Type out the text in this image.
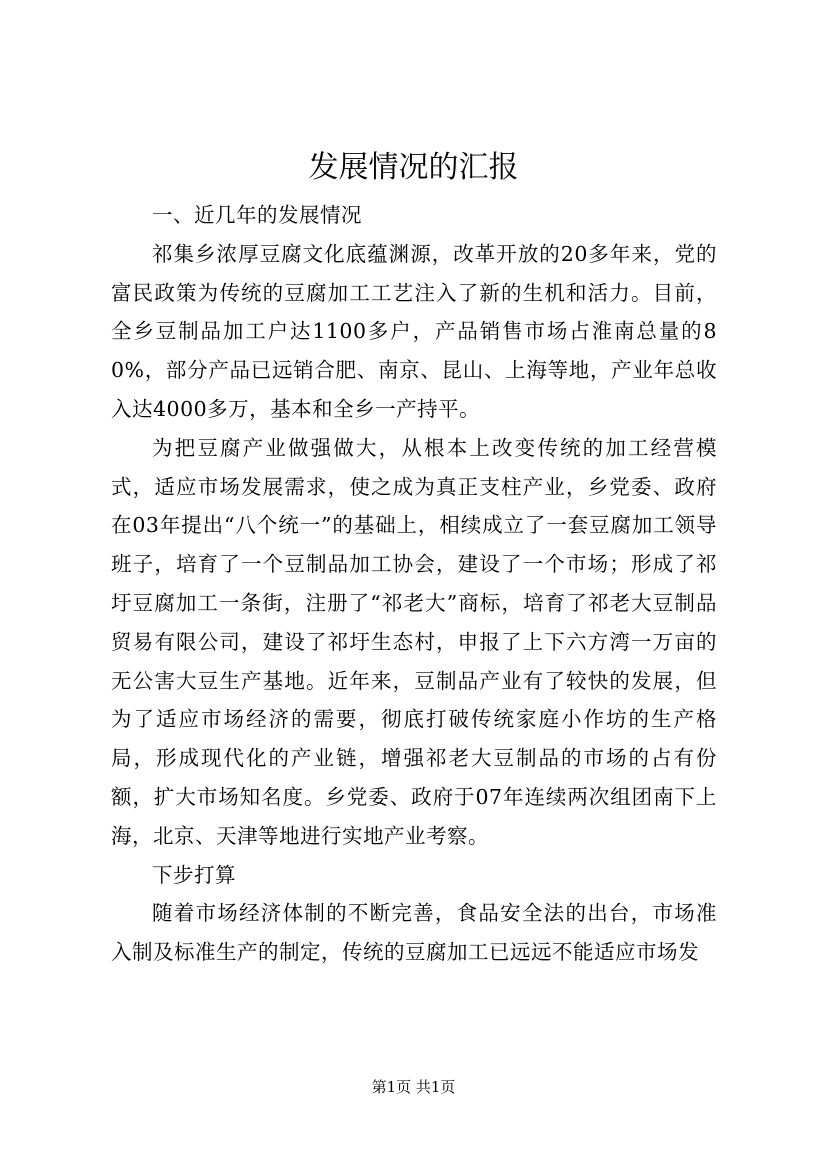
发展情况的汇报

一、近几年的发展情况

祁集乡浓厚豆腐文化底蕴渊源，改革开放的20多年来，党的富民政策为传统的豆腐加工工艺注入了新的生机和活力。目前，全乡豆制品加工户达1100多户，产品销售市场占淮南总量的80%，部分产品已远销合肥、南京、昆山、上海等地，产业年总收入达4000多万，基本和全乡一产持平。

为把豆腐产业做强做大，从根本上改变传统的加工经营模式，适应市场发展需求，使之成为真正支柱产业，乡党委、政府在03年提出“八个统一”的基础上，相续成立了一套豆腐加工领导班子，培育了一个豆制品加工协会，建设了一个市场；形成了祁圩豆腐加工一条街，注册了“祁老大”商标，培育了祁老大豆制品贸易有限公司，建设了祁圩生态村，申报了上下六方湾一万亩的无公害大豆生产基地。近年来，豆制品产业有了较快的发展，但为了适应市场经济的需要，彻底打破传统家庭小作坊的生产格局，形成现代化的产业链，增强祁老大豆制品的市场的占有份额，扩大市场知名度。乡党委、政府于07年连续两次组团南下上海，北京、天津等地进行实地产业考察。

下步打算

随着市场经济体制的不断完善，食品安全法的出台，市场准入制及标准生产的制定，传统的豆腐加工已远远不能适应市场发

第1页 共1页
